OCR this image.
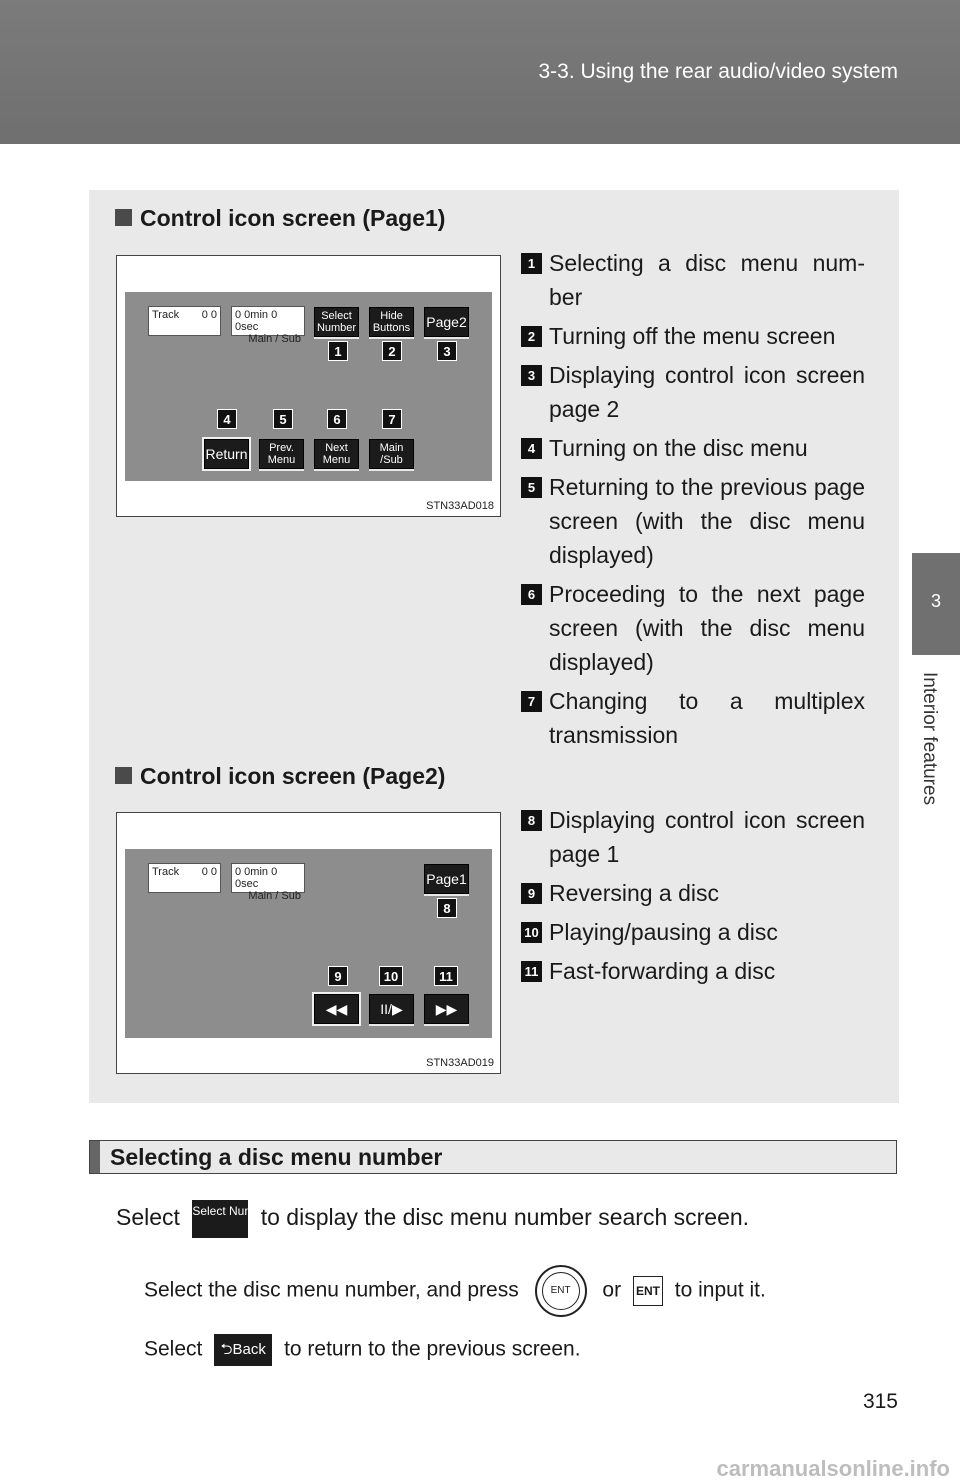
3-3. Using the rear audio/video system
3
Interior features
Control icon screen (Page1)
Track 0 0 0 0min 0 0sec
Main / Sub
Select Number
Hide Buttons Page2
1	2	3
4	5	6	7
Return	Prev. Menu
Next Menu
Main /Sub
STN33AD018
1 Selecting a disc menu num-ber
2 Turning off the menu screen
3 Displaying control icon screen page 2
4 Turning on the disc menu
5 Returning to the previous page screen (with the disc menu displayed)
6 Proceeding to the next page screen (with the disc menu displayed)
7 Changing to a multiplex transmission
Control icon screen (Page2)
Track 0 0 0 0min 0 0sec
Main / Sub
Page1
8
9	10	11
◀◀	II/▶	▶▶
STN33AD019
8 Displaying control icon screen page 1
9 Reversing a disc
10 Playing/pausing a disc
11 Fast-forwarding a disc
Selecting a disc menu number
Select Select Number to display the disc menu number search screen.
Select the disc menu number, and press	ENT	or ENT to input it.
Select ⮌Back to return to the previous screen.
315
carmanualsonline.info
